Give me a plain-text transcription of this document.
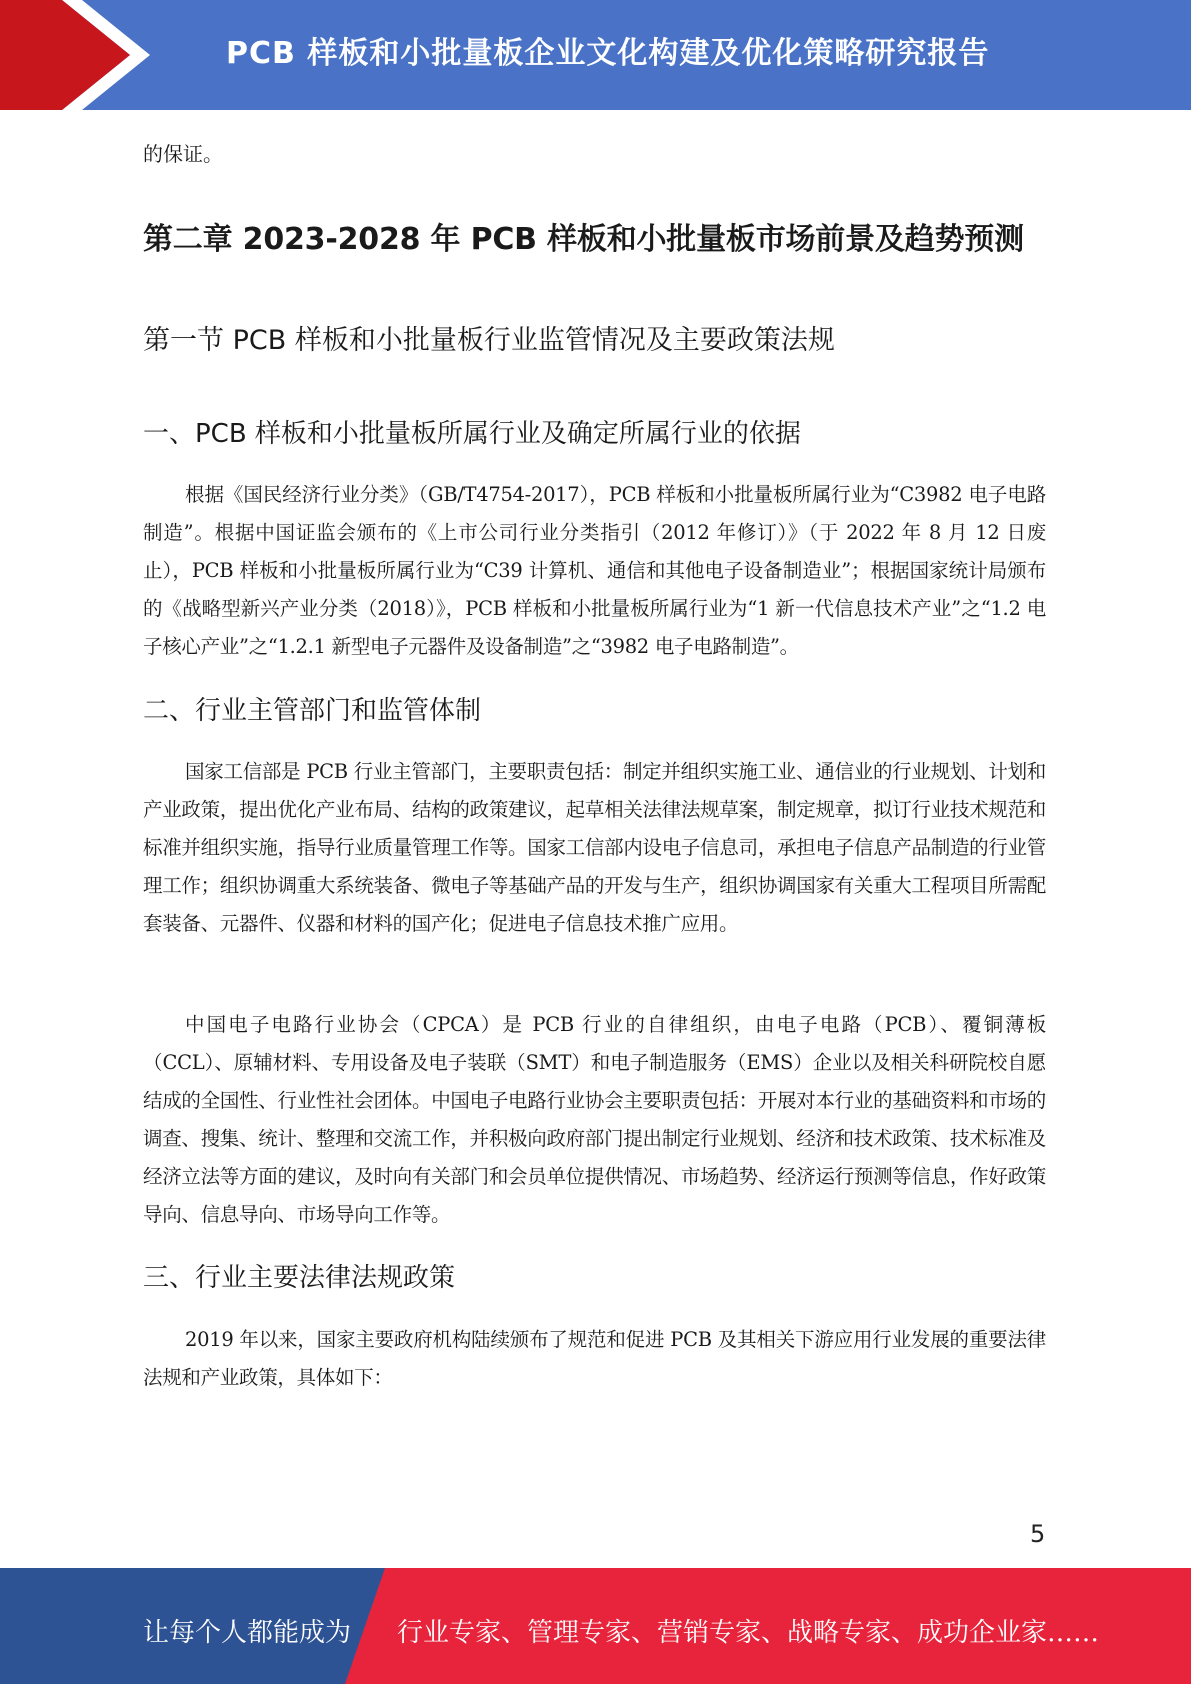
PCB 样板和小批量板企业文化构建及优化策略研究报告
的保证。
第二章 2023-2028 年 PCB 样板和小批量板市场前景及趋势预测
第一节 PCB 样板和小批量板行业监管情况及主要政策法规
一、PCB 样板和小批量板所属行业及确定所属行业的依据
根据《国民经济行业分类》（GB/T4754-2017），PCB 样板和小批量板所属行业为“C3982 电子电路制造”。根据中国证监会颁布的《上市公司行业分类指引（2012 年修订）》（于 2022 年 8 月 12 日废止），PCB 样板和小批量板所属行业为“C39 计算机、通信和其他电子设备制造业”；根据国家统计局颁布的《战略型新兴产业分类（2018）》，PCB 样板和小批量板所属行业为“1 新一代信息技术产业”之“1.2 电子核心产业”之“1.2.1 新型电子元器件及设备制造”之“3982 电子电路制造”。
二、行业主管部门和监管体制
国家工信部是 PCB 行业主管部门，主要职责包括：制定并组织实施工业、通信业的行业规划、计划和产业政策，提出优化产业布局、结构的政策建议，起草相关法律法规草案，制定规章，拟订行业技术规范和标准并组织实施，指导行业质量管理工作等。国家工信部内设电子信息司，承担电子信息产品制造的行业管理工作；组织协调重大系统装备、微电子等基础产品的开发与生产，组织协调国家有关重大工程项目所需配套装备、元器件、仪器和材料的国产化；促进电子信息技术推广应用。
中国电子电路行业协会（CPCA）是 PCB 行业的自律组织，由电子电路（PCB）、覆铜薄板（CCL）、原辅材料、专用设备及电子装联（SMT）和电子制造服务（EMS）企业以及相关科研院校自愿结成的全国性、行业性社会团体。中国电子电路行业协会主要职责包括：开展对本行业的基础资料和市场的调查、搜集、统计、整理和交流工作，并积极向政府部门提出制定行业规划、经济和技术政策、技术标准及经济立法等方面的建议，及时向有关部门和会员单位提供情况、市场趋势、经济运行预测等信息，作好政策导向、信息导向、市场导向工作等。
三、行业主要法律法规政策
2019 年以来，国家主要政府机构陆续颁布了规范和促进 PCB 及其相关下游应用行业发展的重要法律法规和产业政策，具体如下：
5
让每个人都能成为 行业专家、管理专家、营销专家、战略专家、成功企业家……
